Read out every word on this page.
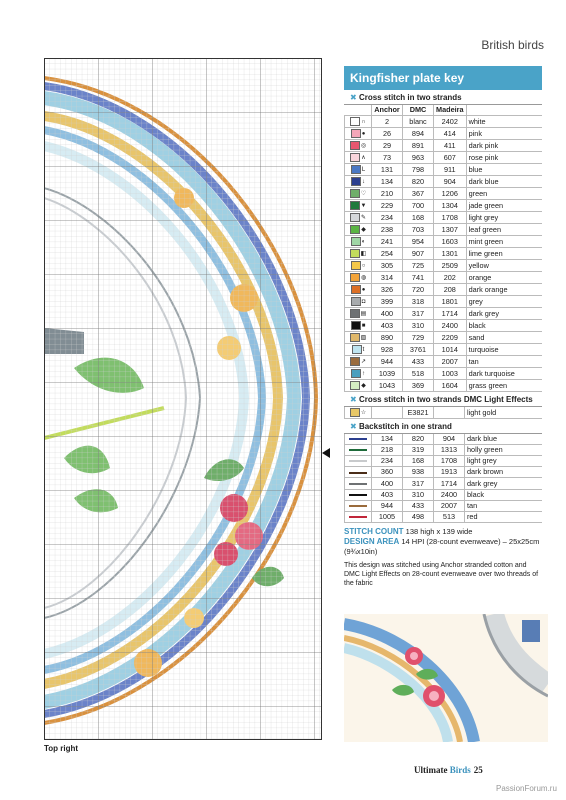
British birds
Top right
Kingfisher plate key
✖ Cross stitch in two strands
	Anchor	DMC	Madeira	
∩	2	blanc	2402	white
●	26	894	414	pink
◎	29	891	411	dark pink
∧	73	963	607	rose pink
L	131	798	911	blue
↓	134	820	904	dark blue
♡	210	367	1206	green
▼	229	700	1304	jade green
✎	234	168	1708	light grey
◆	238	703	1307	leaf green
◐	241	954	1603	mint green
◧	254	907	1301	lime green
○	305	725	2509	yellow
◍	314	741	202	orange
●	326	720	208	dark orange
◘	399	318	1801	grey
▤	400	317	1714	dark grey
■	403	310	2400	black
▧	890	729	2209	sand
t	928	3761	1014	turquoise
↗	944	433	2007	tan
↑	1039	518	1003	dark turquoise
◆	1043	369	1604	grass green
✖ Cross stitch in two strands DMC Light Effects
☆		E3821		light gold
✖ Backstitch in one strand
	134	820	904	dark blue
	218	319	1313	holly green
	234	168	1708	light grey
	360	938	1913	dark brown
	400	317	1714	dark grey
	403	310	2400	black
	944	433	2007	tan
	1005	498	513	red
STITCH COUNT 138 high x 139 wide
DESIGN AREA 14 HPI (28-count evenweave) – 25x25cm (9¾x10in)
This design was stitched using Anchor stranded cotton and DMC Light Effects on 28-count evenweave over two threads of the fabric
Ultimate Birds 25
PassionForum.ru
